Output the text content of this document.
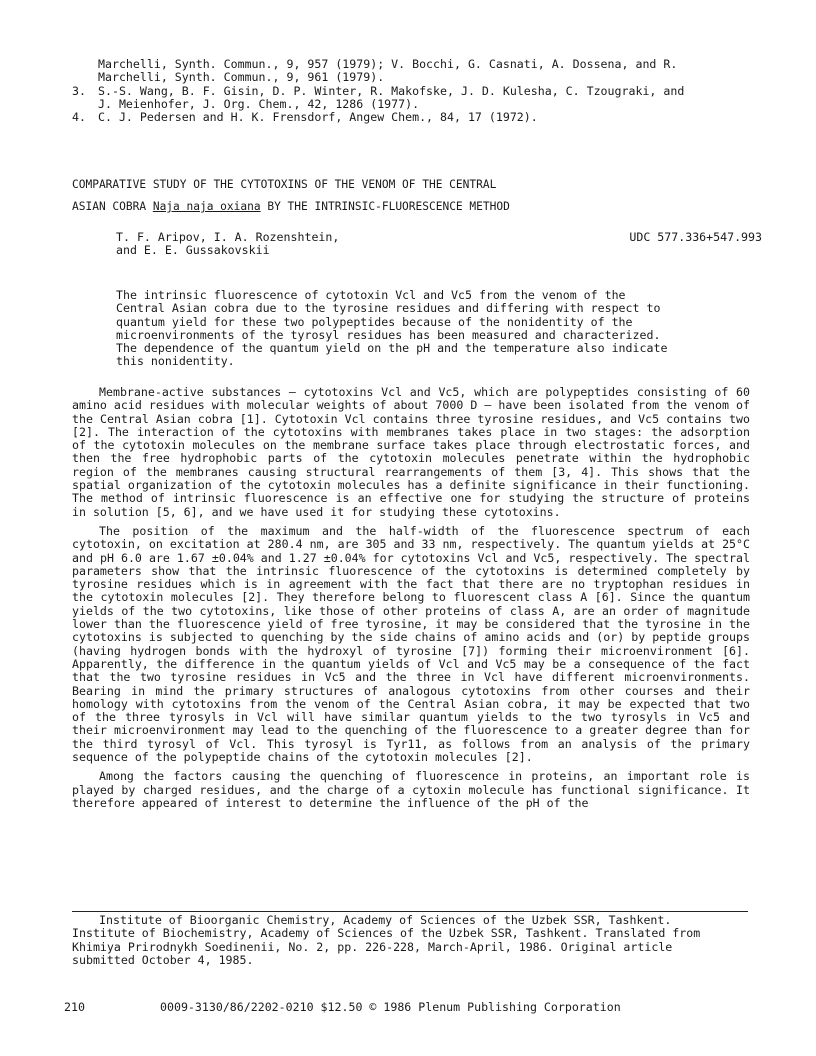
Marchelli, Synth. Commun., 9, 957 (1979); V. Bocchi, G. Casnati, A. Dossena, and R.
Marchelli, Synth. Commun., 9, 961 (1979).
3. S.-S. Wang, B. F. Gisin, D. P. Winter, R. Makofske, J. D. Kulesha, C. Tzougraki, and
J. Meienhofer, J. Org. Chem., 42, 1286 (1977).
4. C. J. Pedersen and H. K. Frensdorf, Angew Chem., 84, 17 (1972).
COMPARATIVE STUDY OF THE CYTOTOXINS OF THE VENOM OF THE CENTRAL
ASIAN COBRA Naja naja oxiana BY THE INTRINSIC-FLUORESCENCE METHOD
T. F. Aripov, I. A. Rozenshtein,
and E. E. Gussakovskii
UDC 577.336+547.993
The intrinsic fluorescence of cytotoxin Vcl and Vc5 from the venom of the Central Asian cobra due to the tyrosine residues and differing with respect to quantum yield for these two polypeptides because of the nonidentity of the microenvironments of the tyrosyl residues has been measured and characterized. The dependence of the quantum yield on the pH and the temperature also indicate this nonidentity.

Membrane-active substances – cytotoxins Vcl and Vc5, which are polypeptides consisting of 60 amino acid residues with molecular weights of about 7000 D – have been isolated from the venom of the Central Asian cobra [1]. Cytotoxin Vcl contains three tyrosine residues, and Vc5 contains two [2]. The interaction of the cytotoxins with membranes takes place in two stages: the adsorption of the cytotoxin molecules on the membrane surface takes place through electrostatic forces, and then the free hydrophobic parts of the cytotoxin molecules penetrate within the hydrophobic region of the membranes causing structural rearrangements of them [3, 4]. This shows that the spatial organization of the cytotoxin molecules has a definite significance in their functioning. The method of intrinsic fluorescence is an effective one for studying the structure of proteins in solution [5, 6], and we have used it for studying these cytotoxins.

The position of the maximum and the half-width of the fluorescence spectrum of each cytotoxin, on excitation at 280.4 nm, are 305 and 33 nm, respectively. The quantum yields at 25°C and pH 6.0 are 1.67 ±0.04% and 1.27 ±0.04% for cytotoxins Vcl and Vc5, respectively. The spectral parameters show that the intrinsic fluorescence of the cytotoxins is determined completely by tyrosine residues which is in agreement with the fact that there are no tryptophan residues in the cytotoxin molecules [2]. They therefore belong to fluorescent class A [6]. Since the quantum yields of the two cytotoxins, like those of other proteins of class A, are an order of magnitude lower than the fluorescence yield of free tyrosine, it may be considered that the tyrosine in the cytotoxins is subjected to quenching by the side chains of amino acids and (or) by peptide groups (having hydrogen bonds with the hydroxyl of tyrosine [7]) forming their microenvironment [6]. Apparently, the difference in the quantum yields of Vcl and Vc5 may be a consequence of the fact that the two tyrosine residues in Vc5 and the three in Vcl have different microenvironments. Bearing in mind the primary structures of analogous cytotoxins from other courses and their homology with cytotoxins from the venom of the Central Asian cobra, it may be expected that two of the three tyrosyls in Vcl will have similar quantum yields to the two tyrosyls in Vc5 and their microenvironment may lead to the quenching of the fluorescence to a greater degree than for the third tyrosyl of Vcl. This tyrosyl is Tyr11, as follows from an analysis of the primary sequence of the polypeptide chains of the cytotoxin molecules [2].

Among the factors causing the quenching of fluorescence in proteins, an important role is played by charged residues, and the charge of a cytoxin molecule has functional significance. It therefore appeared of interest to determine the influence of the pH of the

Institute of Bioorganic Chemistry, Academy of Sciences of the Uzbek SSR, Tashkent. Institute of Biochemistry, Academy of Sciences of the Uzbek SSR, Tashkent. Translated from Khimiya Prirodnykh Soedinenii, No. 2, pp. 226-228, March-April, 1986. Original article submitted October 4, 1985.
210	0009-3130/86/2202-0210 $12.50 © 1986 Plenum Publishing Corporation
